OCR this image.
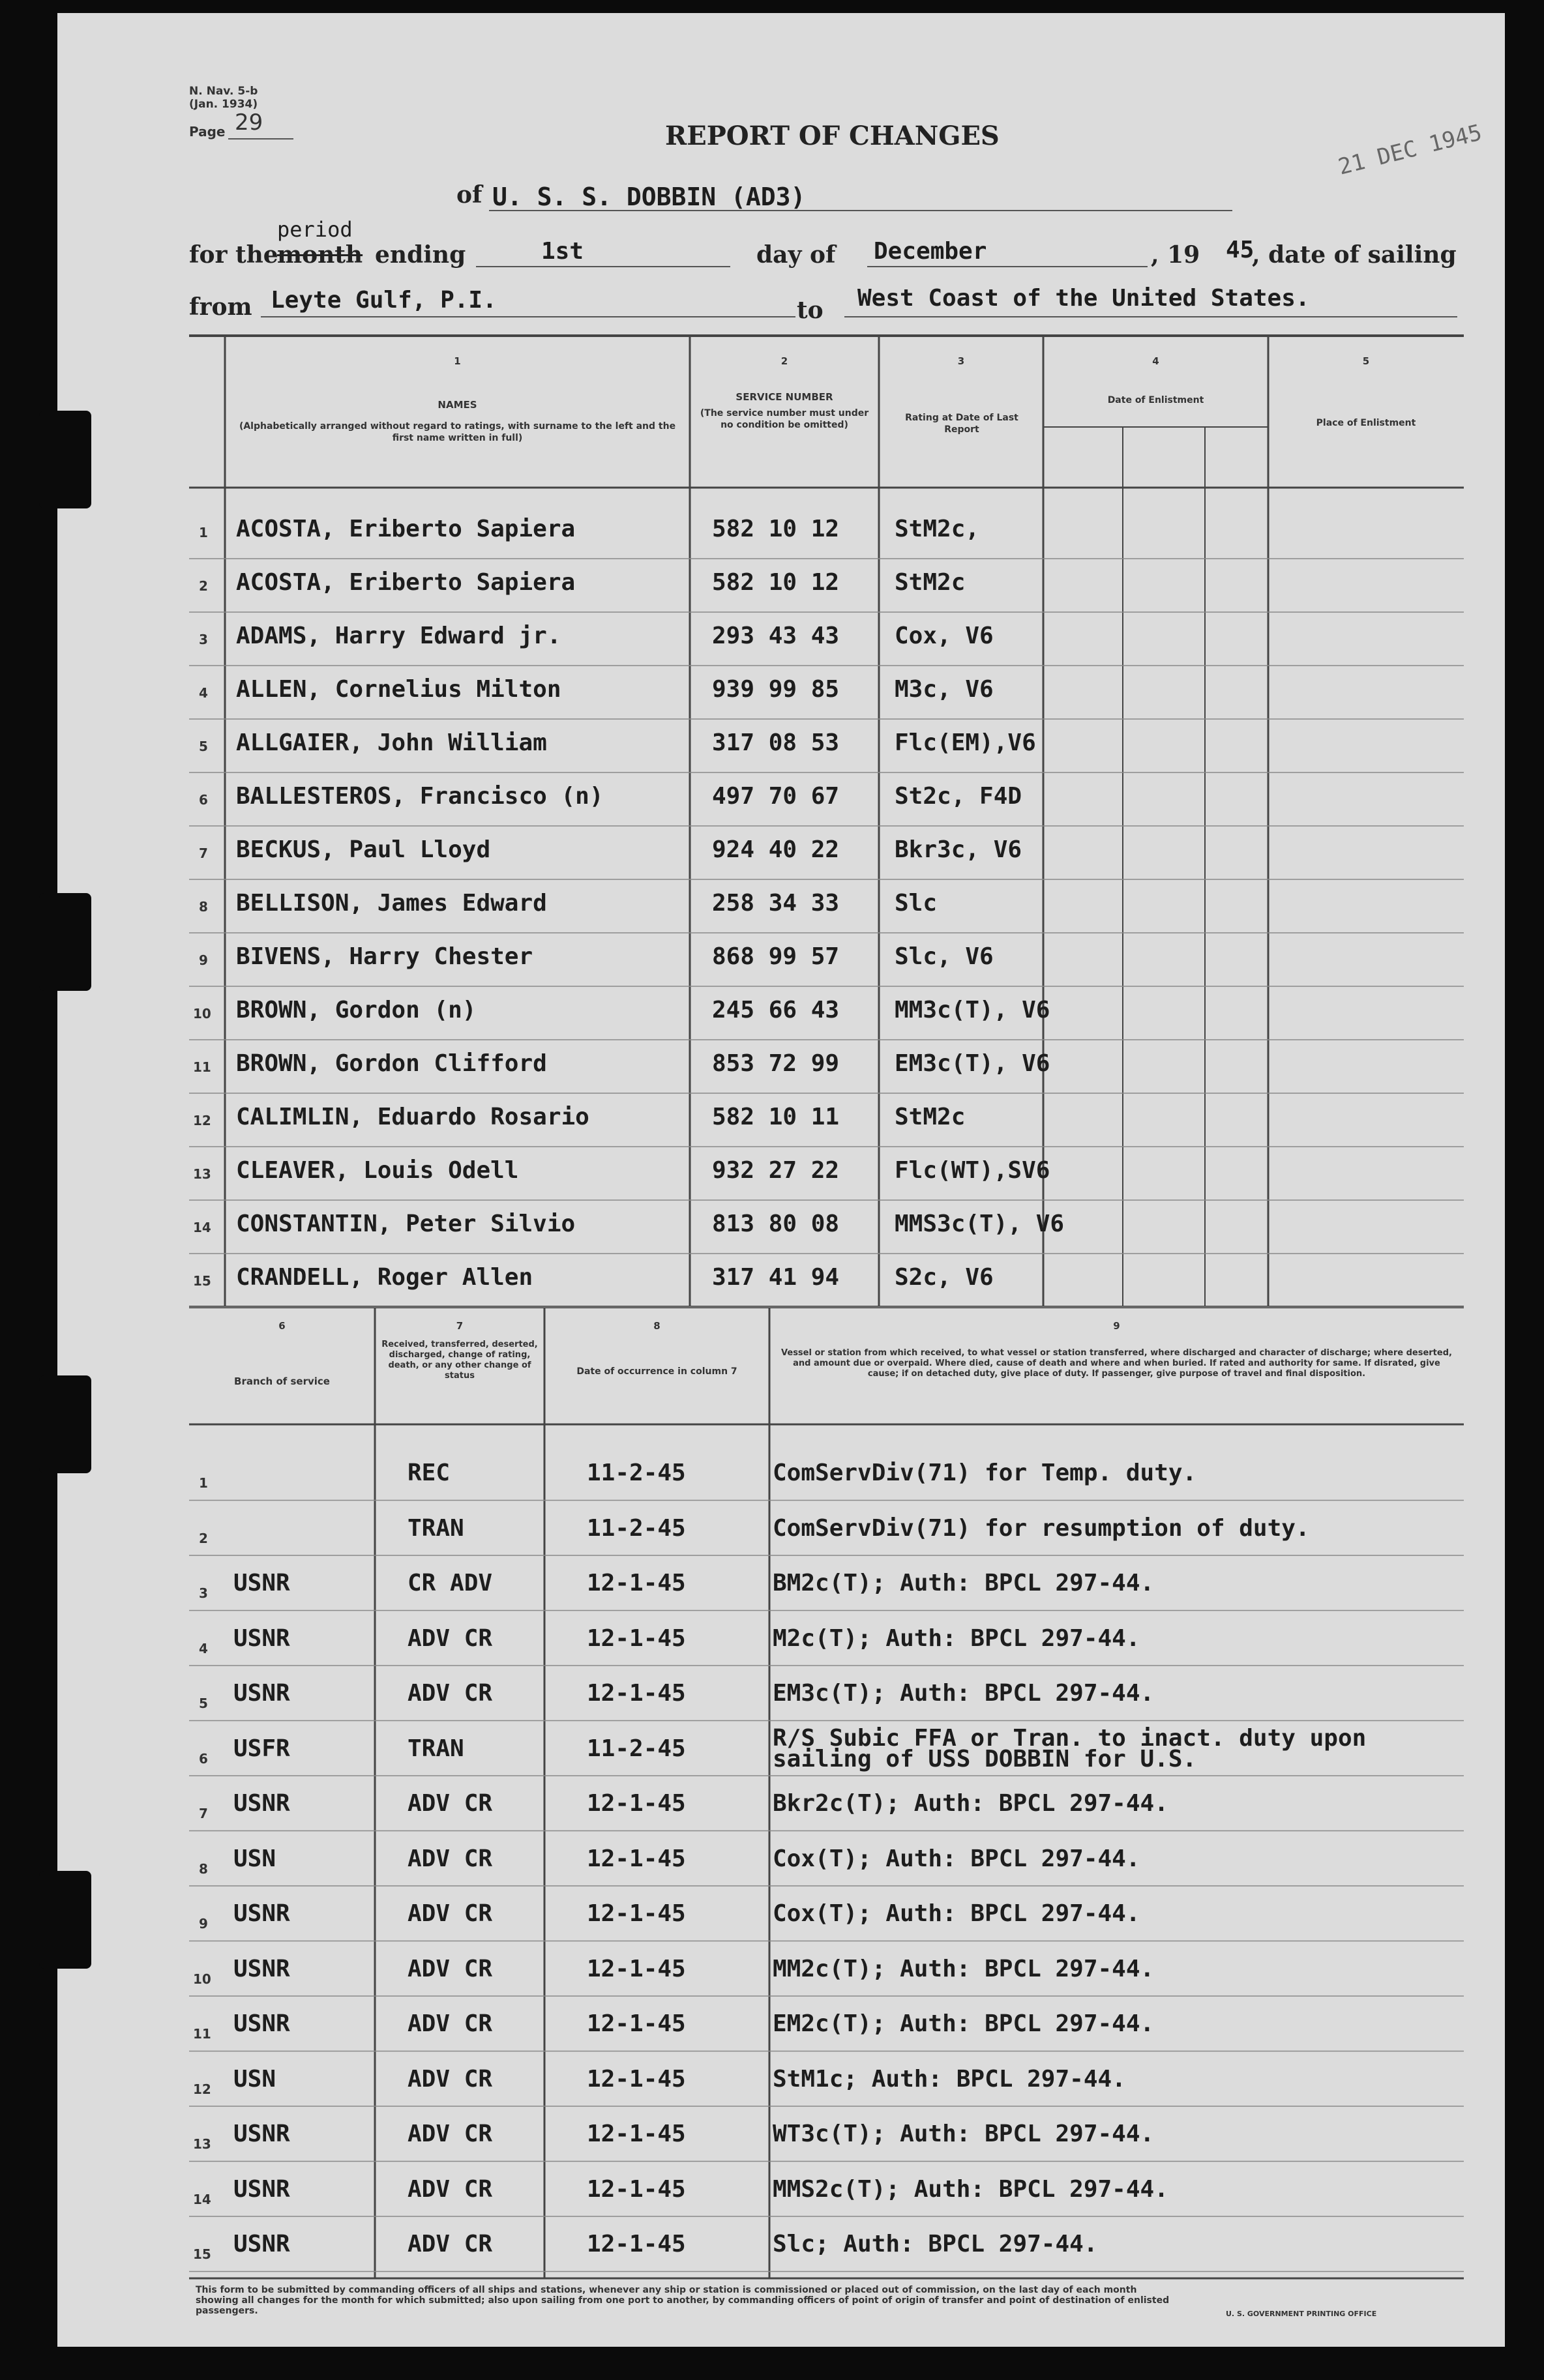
N. Nav. 5-b
(Jan. 1934)
Page 29	REPORT OF CHANGES	21 DEC 1945
of U. S. S. DOBBIN (AD3)
for the
period
month ending	1st	day of December	, 19 45
, date of sailing
from Leyte Gulf, P.I.	to West Coast of the United States.
1
NAMES
(Alphabetically arranged without regard to ratings, with surname to the left and the first name written in full)
2
SERVICE NUMBER
(The service number must under no condition be omitted)
3
Rating at Date of Last Report
4
Date of Enlistment
5
Place of Enlistment
1 ACOSTA, Eriberto Sapiera	582 10 12 StM2c,
2 ACOSTA, Eriberto Sapiera	582 10 12 StM2c
3 ADAMS, Harry Edward jr.	293 43 43 Cox, V6
4 ALLEN, Cornelius Milton	939 99 85 M3c, V6
5 ALLGAIER, John William	317 08 53 Flc(EM),V6
6 BALLESTEROS, Francisco (n)	497 70 67 St2c, F4D
7 BECKUS, Paul Lloyd	924 40 22 Bkr3c, V6
8 BELLISON, James Edward	258 34 33 Slc
9 BIVENS, Harry Chester	868 99 57 Slc, V6
10 BROWN, Gordon (n)	245 66 43 MM3c(T), V6
11 BROWN, Gordon Clifford	853 72 99 EM3c(T), V6
12 CALIMLIN, Eduardo Rosario	582 10 11 StM2c
13 CLEAVER, Louis Odell	932 27 22 Flc(WT),SV6
14 CONSTANTIN, Peter Silvio	813 80 08 MMS3c(T), V6
15 CRANDELL, Roger Allen	317 41 94 S2c, V6
6
Branch of service
7
Received, transferred, deserted, discharged, change of rating, death, or any other change of status
8
Date of occurrence in column 7
9
Vessel or station from which received, to what vessel or station transferred, where discharged and character of discharge; where deserted, and amount due or overpaid. Where died, cause of death and where and when buried. If rated and authority for same. If disrated, give cause; if on detached duty, give place of duty. If passenger, give purpose of travel and final disposition.
1	REC	11-2-45	ComServDiv(71) for Temp. duty.
2	TRAN	11-2-45	ComServDiv(71) for resumption of duty.
3 USNR	CR ADV	12-1-45	BM2c(T); Auth: BPCL 297-44.
4 USNR	ADV CR	12-1-45	M2c(T); Auth: BPCL 297-44.
5 USNR	ADV CR	12-1-45	EM3c(T); Auth: BPCL 297-44.
6 USFR	TRAN	11-2-45	R/S Subic FFA or Tran. to inact. duty upon
sailing of USS DOBBIN for U.S.
7 USNR	ADV CR	12-1-45	Bkr2c(T); Auth: BPCL 297-44.
8 USN	ADV CR	12-1-45	Cox(T); Auth: BPCL 297-44.
9 USNR	ADV CR	12-1-45	Cox(T); Auth: BPCL 297-44.
10 USNR	ADV CR	12-1-45	MM2c(T); Auth: BPCL 297-44.
11 USNR	ADV CR	12-1-45	EM2c(T); Auth: BPCL 297-44.
12 USN	ADV CR	12-1-45	StM1c; Auth: BPCL 297-44.
13 USNR	ADV CR	12-1-45	WT3c(T); Auth: BPCL 297-44.
14 USNR	ADV CR	12-1-45	MMS2c(T); Auth: BPCL 297-44.
15 USNR	ADV CR	12-1-45	Slc; Auth: BPCL 297-44.
This form to be submitted by commanding officers of all ships and stations, whenever any ship or station is commissioned or placed out of commission, on the last day of each month
showing all changes for the month for which submitted; also upon sailing from one port to another, by commanding officers of point of origin of transfer and point of destination of enlisted
passengers.	U. S. GOVERNMENT PRINTING OFFICE
